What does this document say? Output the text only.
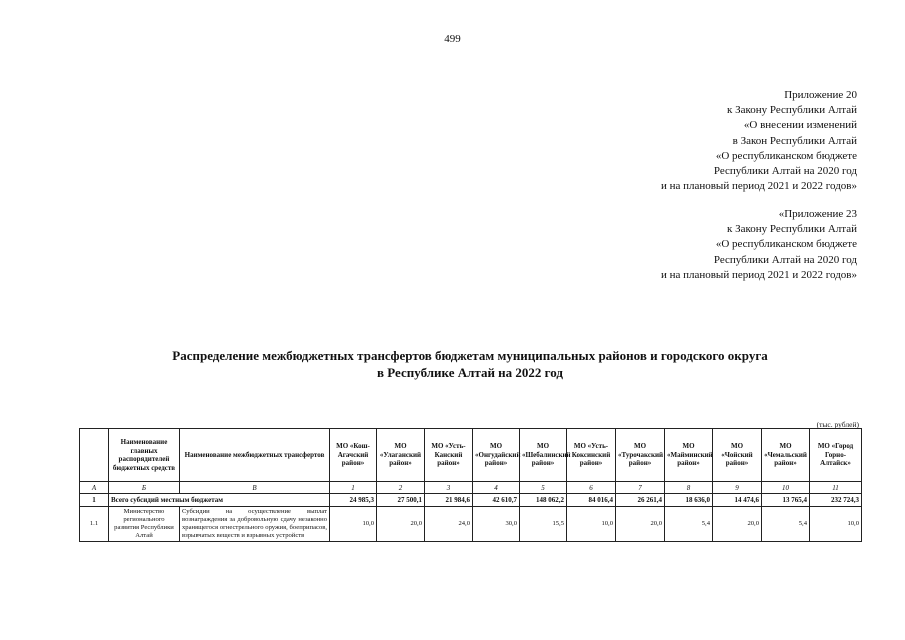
499
Приложение 20
к Закону Республики Алтай
«О внесении изменений
в Закон Республики Алтай
«О республиканском бюджете
Республики Алтай на 2020 год
и на плановый период 2021 и 2022 годов»
«Приложение 23
к Закону Республики Алтай
«О республиканском бюджете
Республики Алтай на 2020 год
и на плановый период 2021 и 2022 годов»
Распределение межбюджетных трансфертов бюджетам муниципальных районов и городского округа
в Республике Алтай на 2022 год
(тыс. рублей)
	Наименование главных распорядителей бюджетных средств	Наименование межбюджетных трансфертов	МО «Кош-Агачский район»	МО «Улаганский район»	МО «Усть-Канский район»	МО «Онгудайский район»	МО «Шебалинский район»	МО «Усть-Коксинский район»	МО «Турочакский район»	МО «Майминский район»	МО «Чойский район»	МО «Чемальский район»	МО «Город Горно-Алтайск»
А	Б	В	1	2	3	4	5	6	7	8	9	10	11
1	Всего субсидий местным бюджетам		24 985,3	27 500,1	21 984,6	42 610,7	148 062,2	84 016,4	26 261,4	18 636,0	14 474,6	13 765,4	232 724,3
1.1	Министерство регионального развития Республики Алтай	Субсидии на осуществление выплат вознаграждения за добровольную сдачу незаконно хранящегося огнестрельного оружия, боеприпасов, взрывчатых веществ и взрывных устройств	10,0	20,0	24,0	30,0	15,5	10,0	20,0	5,4	20,0	5,4	10,0
